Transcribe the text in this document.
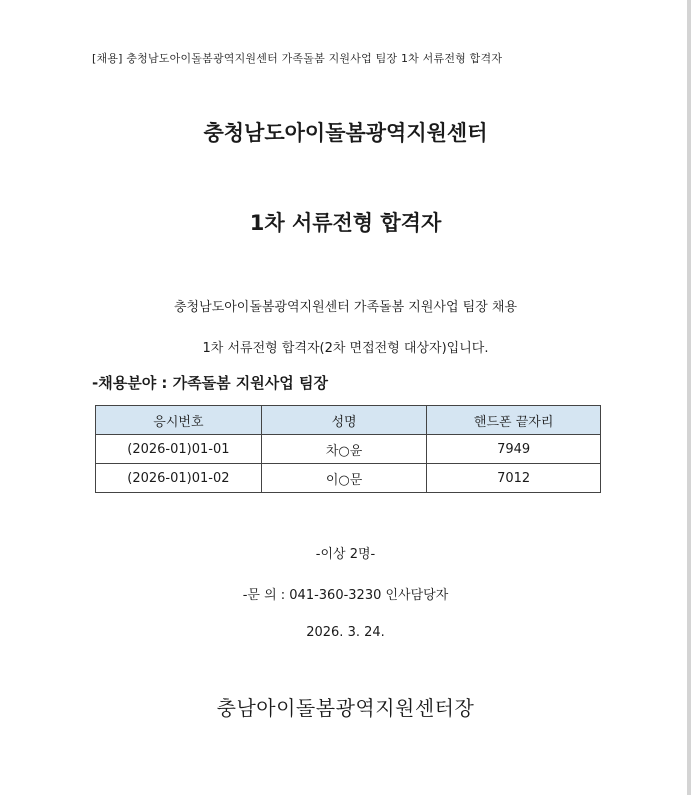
[채용] 충청남도아이돌봄광역지원센터 가족돌봄 지원사업 팀장 1차 서류전형 합격자
충청남도아이돌봄광역지원센터
1차 서류전형 합격자
충청남도아이돌봄광역지원센터 가족돌봄 지원사업 팀장 채용
1차 서류전형 합격자(2차 면접전형 대상자)입니다.
-채용분야 : 가족돌봄 지원사업 팀장
응시번호	성명	핸드폰 끝자리
(2026-01)01-01	차○윤	7949
(2026-01)01-02	이○문	7012
-이상 2명-
-문 의 : 041-360-3230 인사담당자
2026. 3. 24.
충남아이돌봄광역지원센터장
